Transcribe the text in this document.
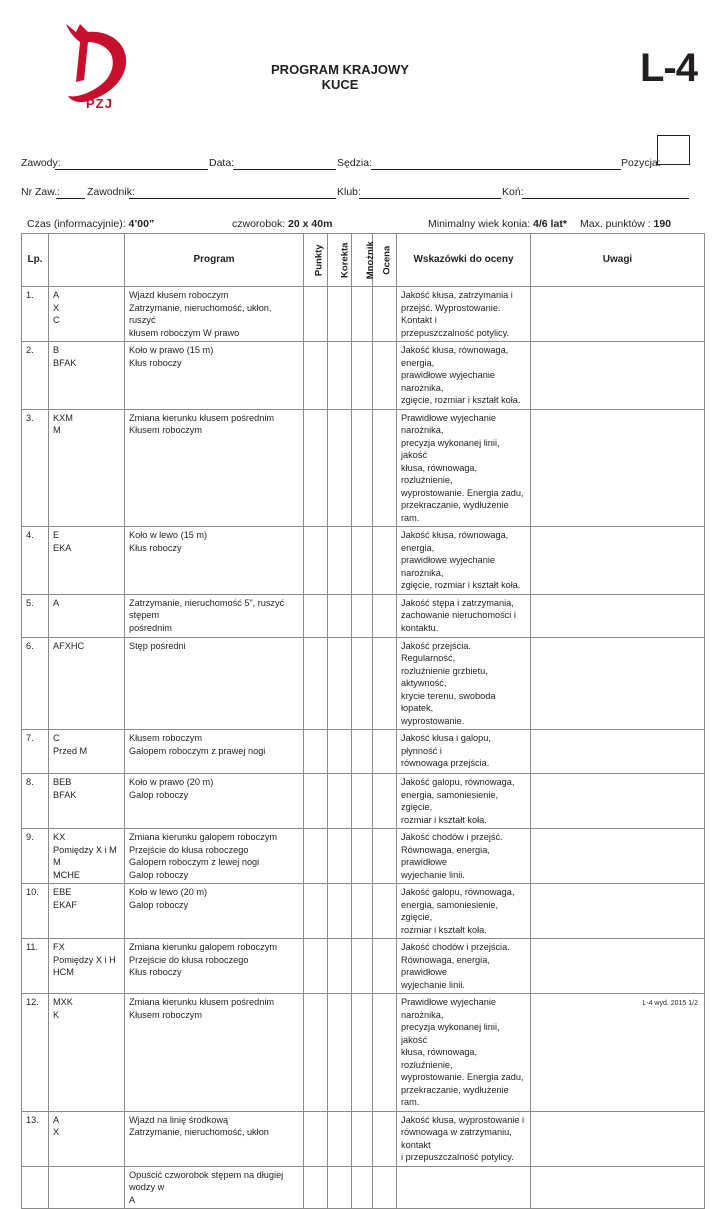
PZJ
PROGRAM KRAJOWY
KUCE	L-4
Zawody:	Data:	Sędzia:	Pozycja:
Nr Zaw.:	Zawodnik:	Klub:	Koń:
Czas (informacyjnie): 4’00”	czworobok: 20 x 40m	Minimalny wiek konia: 4/6 lat* Max. punktów : 190
Lp.		Program	Punkty	Korekta	Mnożnik	Ocena	Wskazówki do oceny	Uwagi
1.	A
X
C	Wjazd kłusem roboczym
Zatrzymanie, nieruchomość, ukłon, ruszyć
kłusem roboczym W prawo					Jakość kłusa, zatrzymania i
przejść. Wyprostowanie. Kontakt i
przepuszczalność potylicy.	

2.	B
BFAK	Koło w prawo (15 m)
Kłus roboczy					Jakość kłusa, równowaga, energia,
prawidłowe wyjechanie narożnika,
zgięcie, rozmiar i kształt koła.	

3.	KXM
M	Zmiana kierunku kłusem pośrednim
Kłusem roboczym					Prawidłowe wyjechanie narożnika,
precyzja wykonanej linii, jakość
kłusa, równowaga, rozluźnienie,
wyprostowanie. Energia zadu,
przekraczanie, wydłużenie ram.	

4.	E
EKA	Koło w lewo (15 m)
Kłus roboczy					Jakość kłusa, równowaga, energia,
prawidłowe wyjechanie narożnika,
zgięcie, rozmiar i kształt koła.	

5.	A	Zatrzymanie, nieruchomość 5”, ruszyć stępem
pośrednim					Jakość stępa i zatrzymania,
zachowanie nieruchomości i
kontaktu.	

6.	AFXHC	Stęp pośredni					Jakość przejścia. Regularność,
rozluźnienie grzbietu, aktywność,
krycie terenu, swoboda łopatek,
wyprostowanie.	

7.	C
Przed M	Kłusem roboczym
Galopem roboczym z prawej nogi					Jakość kłusa i galopu, płynność i
równowaga przejścia.	

8.	BEB
BFAK	Koło w prawo (20 m)
Galop roboczy					Jakość galopu, równowaga,
energia, samoniesienie, zgięcie,
rozmiar i kształt koła.	

9.	KX
Pomiędzy X i M
M
MCHE	Zmiana kierunku galopem roboczym
Przejście do kłusa roboczego
Galopem roboczym z lewej nogi
Galop roboczy					Jakość chodów i przejść.
Równowaga, energia, prawidłowe
wyjechanie linii.	

10.	EBE
EKAF	Koło w lewo (20 m)
Galop roboczy					Jakość galopu, równowaga,
energia, samoniesienie, zgięcie,
rozmiar i kształt koła.	

11.	FX
Pomiędzy X i H
HCM	Zmiana kierunku galopem roboczym
Przejście do kłusa roboczego
Kłus roboczy					Jakość chodów i przejścia.
Równowaga, energia, prawidłowe
wyjechanie linii.	

12.	MXK
K	Zmiana kierunku kłusem pośrednim
Kłusem roboczym					Prawidłowe wyjechanie narożnika,
precyzja wykonanej linii, jakość
kłusa, równowaga, rozluźnienie,
wyprostowanie. Energia zadu,
przekraczanie, wydłużenie ram.	

13.	A
X	Wjazd na linię środkową
Zatrzymanie, nieruchomość, ukłon					Jakość kłusa, wyprostowanie i
równowaga w zatrzymaniu, kontakt
i przepuszczalność potylicy.	

		Opuścić czworobok stępem na długiej wodzy w
A						

L-4 wyd. 2015 1/2
